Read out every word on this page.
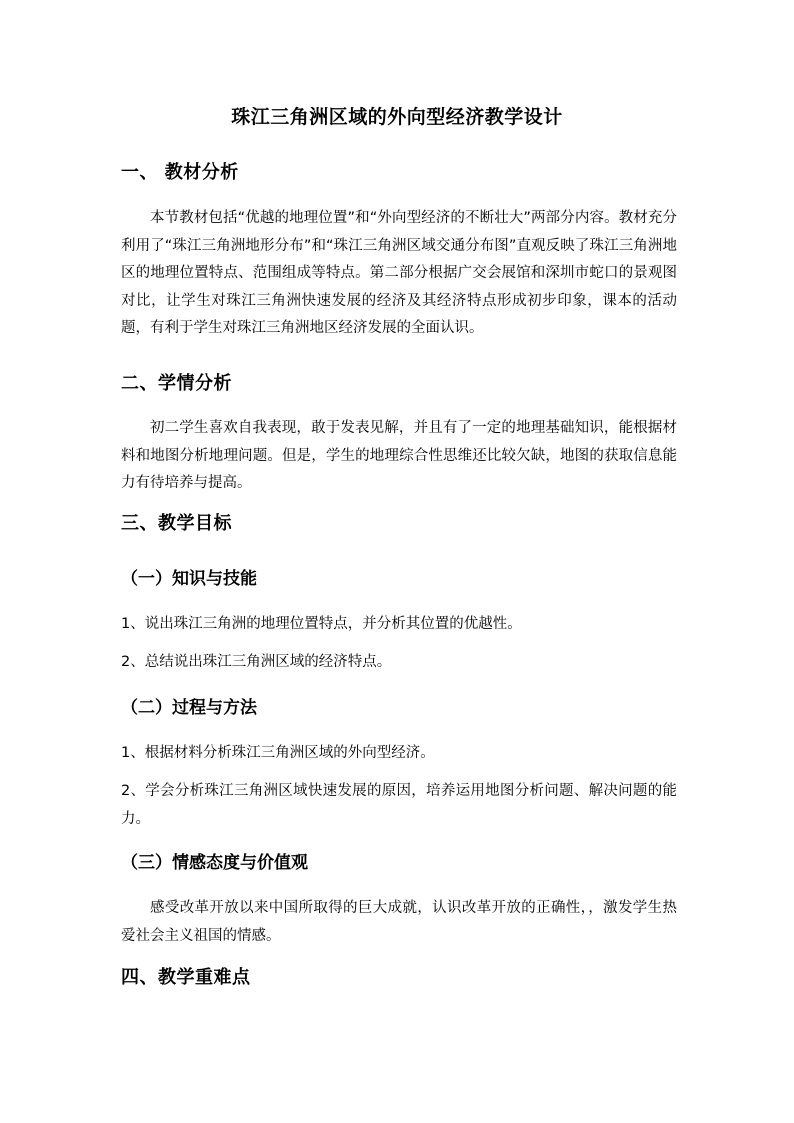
珠江三角洲区域的外向型经济教学设计
一、 教材分析
本节教材包括“优越的地理位置”和“外向型经济的不断壮大”两部分内容。教材充分利用了“珠江三角洲地形分布”和“珠江三角洲区域交通分布图”直观反映了珠江三角洲地区的地理位置特点、范围组成等特点。第二部分根据广交会展馆和深圳市蛇口的景观图对比，让学生对珠江三角洲快速发展的经济及其经济特点形成初步印象，课本的活动题，有利于学生对珠江三角洲地区经济发展的全面认识。
二、学情分析
初二学生喜欢自我表现，敢于发表见解，并且有了一定的地理基础知识，能根据材料和地图分析地理问题。但是，学生的地理综合性思维还比较欠缺，地图的获取信息能力有待培养与提高。
三、教学目标
（一）知识与技能
1、说出珠江三角洲的地理位置特点，并分析其位置的优越性。
2、总结说出珠江三角洲区域的经济特点。
（二）过程与方法
1、根据材料分析珠江三角洲区域的外向型经济。
2、学会分析珠江三角洲区域快速发展的原因，培养运用地图分析问题、解决问题的能力。
（三）情感态度与价值观
感受改革开放以来中国所取得的巨大成就，认识改革开放的正确性，，激发学生热爱社会主义祖国的情感。
四、教学重难点
